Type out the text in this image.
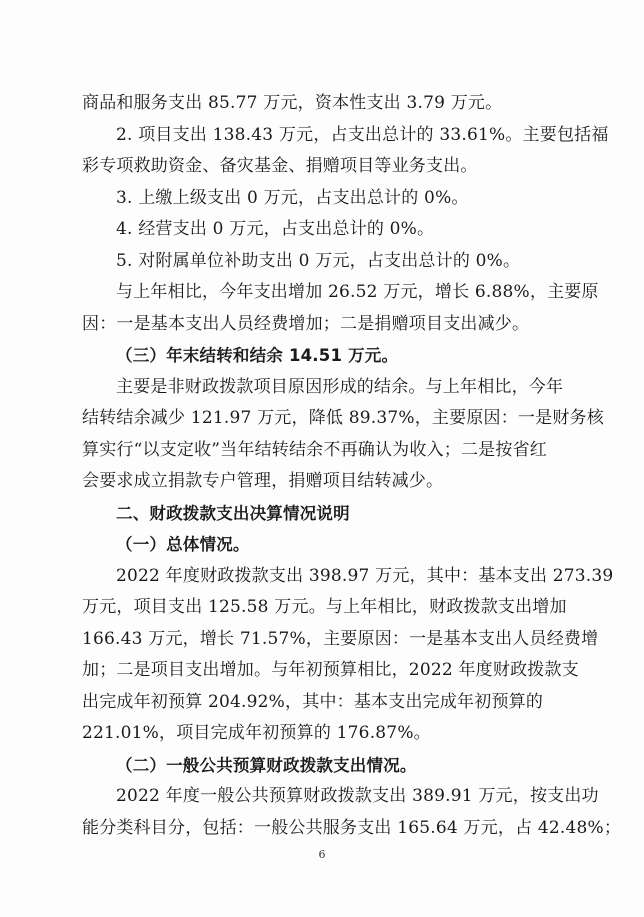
商品和服务支出 85.77 万元，资本性支出 3.79 万元。
2. 项目支出 138.43 万元，占支出总计的 33.61%。主要包括福
彩专项救助资金、备灾基金、捐赠项目等业务支出。
3. 上缴上级支出 0 万元，占支出总计的 0%。
4. 经营支出 0 万元，占支出总计的 0%。
5. 对附属单位补助支出 0 万元，占支出总计的 0%。
与上年相比，今年支出增加 26.52 万元，增长 6.88%，主要原
因：一是基本支出人员经费增加；二是捐赠项目支出减少。
（三）年末结转和结余 14.51 万元。
主要是非财政拨款项目原因形成的结余。与上年相比，今年
结转结余减少 121.97 万元，降低 89.37%，主要原因：一是财务核
算实行“以支定收”当年结转结余不再确认为收入；二是按省红
会要求成立捐款专户管理，捐赠项目结转减少。
二、财政拨款支出决算情况说明
（一）总体情况。
2022 年度财政拨款支出 398.97 万元，其中：基本支出 273.39
万元，项目支出 125.58 万元。与上年相比，财政拨款支出增加
166.43 万元，增长 71.57%，主要原因：一是基本支出人员经费增
加；二是项目支出增加。与年初预算相比，2022 年度财政拨款支
出完成年初预算 204.92%，其中：基本支出完成年初预算的
221.01%，项目完成年初预算的 176.87%。
（二）一般公共预算财政拨款支出情况。
2022 年度一般公共预算财政拨款支出 389.91 万元，按支出功
能分类科目分，包括：一般公共服务支出 165.64 万元，占 42.48%；
6
